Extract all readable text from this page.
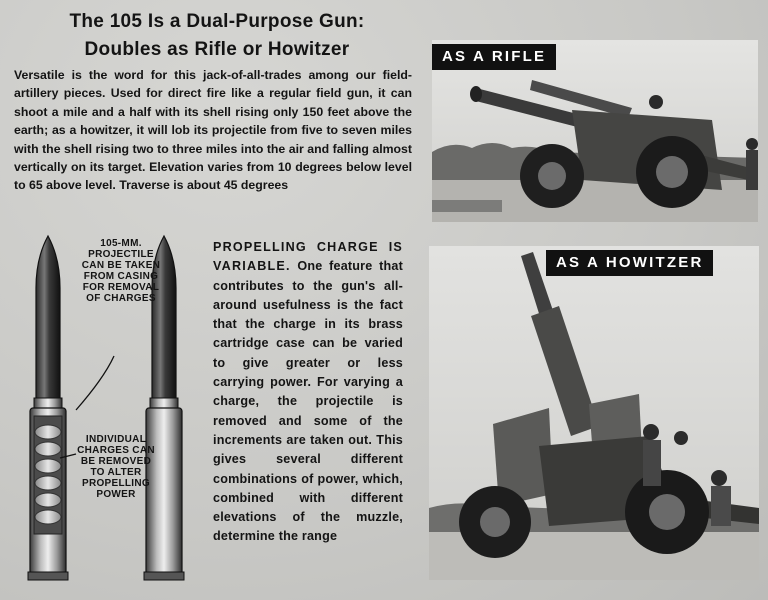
The 105 Is a Dual-Purpose Gun:
Doubles as Rifle or Howitzer

Versatile is the word for this jack-of-all-trades among our field-artillery pieces. Used for direct fire like a regular field gun, it can shoot a mile and a half with its shell rising only 150 feet above the earth; as a howitzer, it will lob its projectile from five to seven miles with the shell rising two to three miles into the air and falling almost vertically on its target. Elevation varies from 10 degrees below level to 65 above level. Traverse is about 45 degrees

105-MM. PROJECTILE CAN BE TAKEN FROM CASING FOR REMOVAL OF CHARGES
INDIVIDUAL CHARGES CAN BE REMOVED TO ALTER PROPELLING POWER

PROPELLING CHARGE IS VARIABLE. One feature that contributes to the gun's all-around usefulness is the fact that the charge in its brass cartridge case can be varied to give greater or less carrying power. For varying a charge, the projectile is removed and some of the increments are taken out. This gives several different combinations of power, which, combined with different elevations of the muzzle, determine the range

AS A RIFLE
AS A HOWITZER
